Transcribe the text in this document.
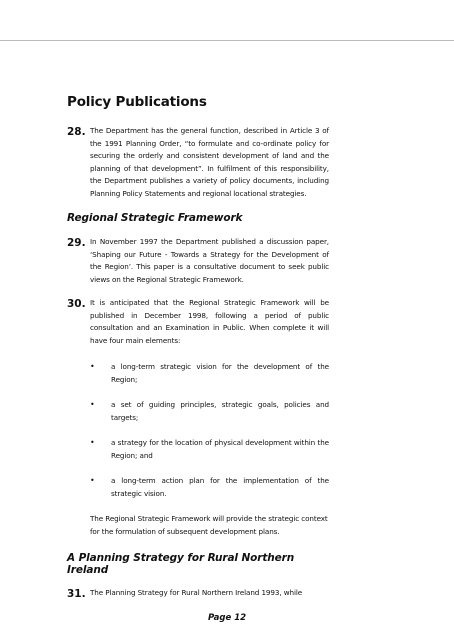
Policy Publications
28. The Department has the general function, described in Article 3 of the 1991 Planning Order, “to formulate and co-ordinate policy for securing the orderly and consistent development of land and the planning of that development”. In fulfilment of this responsibility, the Department publishes a variety of policy documents, including Planning Policy Statements and regional locational strategies.
Regional Strategic Framework
29. In November 1997 the Department published a discussion paper, ‘Shaping our Future - Towards a Strategy for the Development of the Region’. This paper is a consultative document to seek public views on the Regional Strategic Framework.
30. It is anticipated that the Regional Strategic Framework will be published in December 1998, following a period of public consultation and an Examination in Public. When complete it will have four main elements:
• a long-term strategic vision for the development of the Region;
• a set of guiding principles, strategic goals, policies and targets;
• a strategy for the location of physical development within the Region; and
• a long-term action plan for the implementation of the strategic vision.
The Regional Strategic Framework will provide the strategic context for the formulation of subsequent development plans.
A Planning Strategy for Rural Northern Ireland
31. The Planning Strategy for Rural Northern Ireland 1993, while
Page 12
